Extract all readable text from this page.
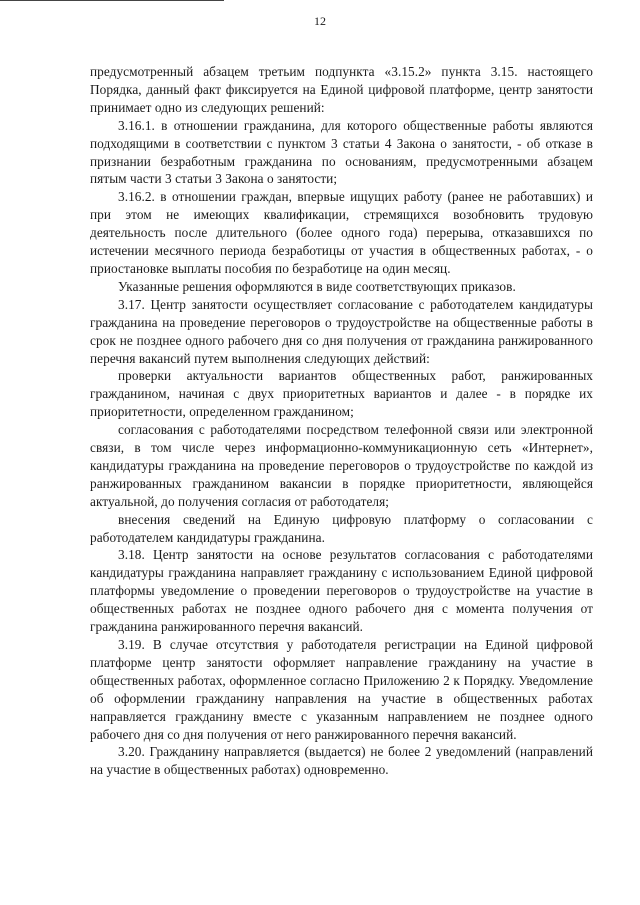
12

предусмотренный абзацем третьим подпункта «3.15.2» пункта 3.15. настоящего Порядка, данный факт фиксируется на Единой цифровой платформе, центр занятости принимает одно из следующих решений:

3.16.1. в отношении гражданина, для которого общественные работы являются подходящими в соответствии с пунктом 3 статьи 4 Закона о занятости, - об отказе в признании безработным гражданина по основаниям, предусмотренными абзацем пятым части 3 статьи 3 Закона о занятости;

3.16.2. в отношении граждан, впервые ищущих работу (ранее не работавших) и при этом не имеющих квалификации, стремящихся возобновить трудовую деятельность после длительного (более одного года) перерыва, отказавшихся по истечении месячного периода безработицы от участия в общественных работах, - о приостановке выплаты пособия по безработице на один месяц.

Указанные решения оформляются в виде соответствующих приказов.

3.17. Центр занятости осуществляет согласование с работодателем кандидатуры гражданина на проведение переговоров о трудоустройстве на общественные работы в срок не позднее одного рабочего дня со дня получения от гражданина ранжированного перечня вакансий путем выполнения следующих действий:

проверки актуальности вариантов общественных работ, ранжированных гражданином, начиная с двух приоритетных вариантов и далее - в порядке их приоритетности, определенном гражданином;

согласования с работодателями посредством телефонной связи или электронной связи, в том числе через информационно-коммуникационную сеть «Интернет», кандидатуры гражданина на проведение переговоров о трудоустройстве по каждой из ранжированных гражданином вакансии в порядке приоритетности, являющейся актуальной, до получения согласия от работодателя;

внесения сведений на Единую цифровую платформу о согласовании с работодателем кандидатуры гражданина.

3.18. Центр занятости на основе результатов согласования с работодателями кандидатуры гражданина направляет гражданину с использованием Единой цифровой платформы уведомление о проведении переговоров о трудоустройстве на участие в общественных работах не позднее одного рабочего дня с момента получения от гражданина ранжированного перечня вакансий.

3.19. В случае отсутствия у работодателя регистрации на Единой цифровой платформе центр занятости оформляет направление гражданину на участие в общественных работах, оформленное согласно Приложению 2 к Порядку. Уведомление об оформлении гражданину направления на участие в общественных работах направляется гражданину вместе с указанным направлением не позднее одного рабочего дня со дня получения от него ранжированного перечня вакансий.

3.20. Гражданину направляется (выдается) не более 2 уведомлений (направлений на участие в общественных работах) одновременно.
